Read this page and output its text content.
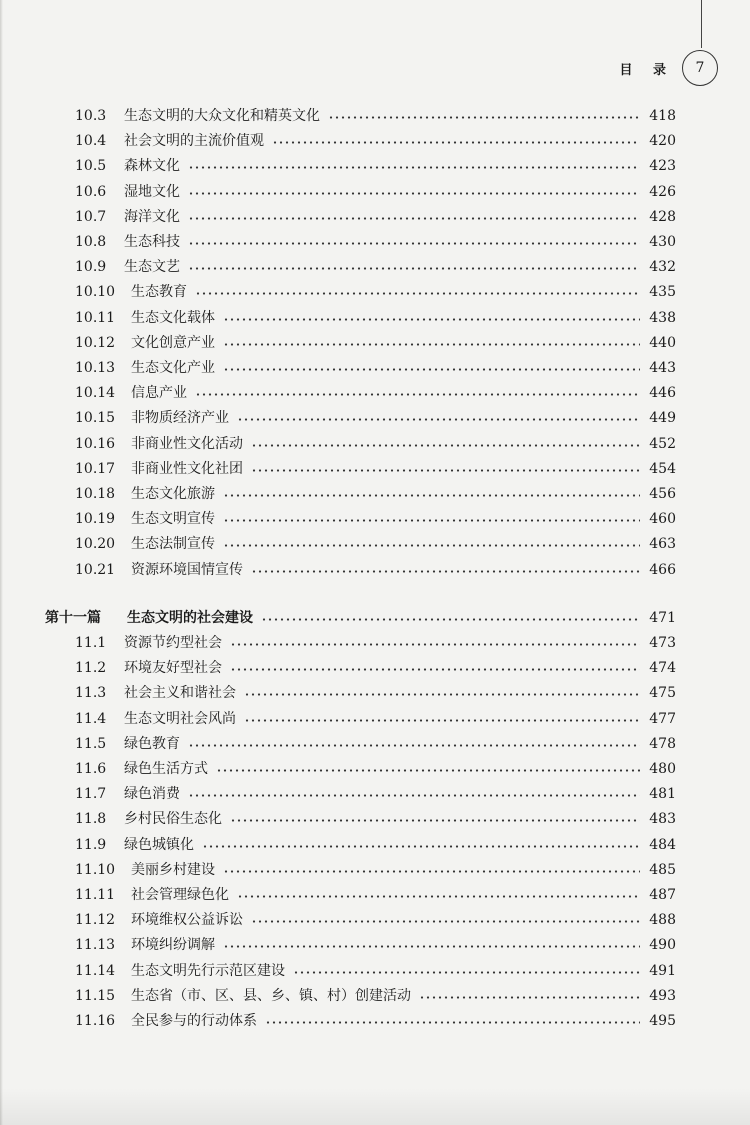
目 录 7
10.3	生态文明的大众文化和精英文化	418
10.4	社会文明的主流价值观	420
10.5	森林文化	423
10.6	湿地文化	426
10.7	海洋文化	428
10.8	生态科技	430
10.9	生态文艺	432
10.10	生态教育	435
10.11	生态文化载体	438
10.12	文化创意产业	440
10.13	生态文化产业	443
10.14	信息产业	446
10.15	非物质经济产业	449
10.16	非商业性文化活动	452
10.17	非商业性文化社团	454
10.18	生态文化旅游	456
10.19	生态文明宣传	460
10.20	生态法制宣传	463
10.21	资源环境国情宣传	466
第十一篇	生态文明的社会建设	471
11.1	资源节约型社会	473
11.2	环境友好型社会	474
11.3	社会主义和谐社会	475
11.4	生态文明社会风尚	477
11.5	绿色教育	478
11.6	绿色生活方式	480
11.7	绿色消费	481
11.8	乡村民俗生态化	483
11.9	绿色城镇化	484
11.10	美丽乡村建设	485
11.11	社会管理绿色化	487
11.12	环境维权公益诉讼	488
11.13	环境纠纷调解	490
11.14	生态文明先行示范区建设	491
11.15	生态省（市、区、县、乡、镇、村）创建活动	493
11.16	全民参与的行动体系	495
